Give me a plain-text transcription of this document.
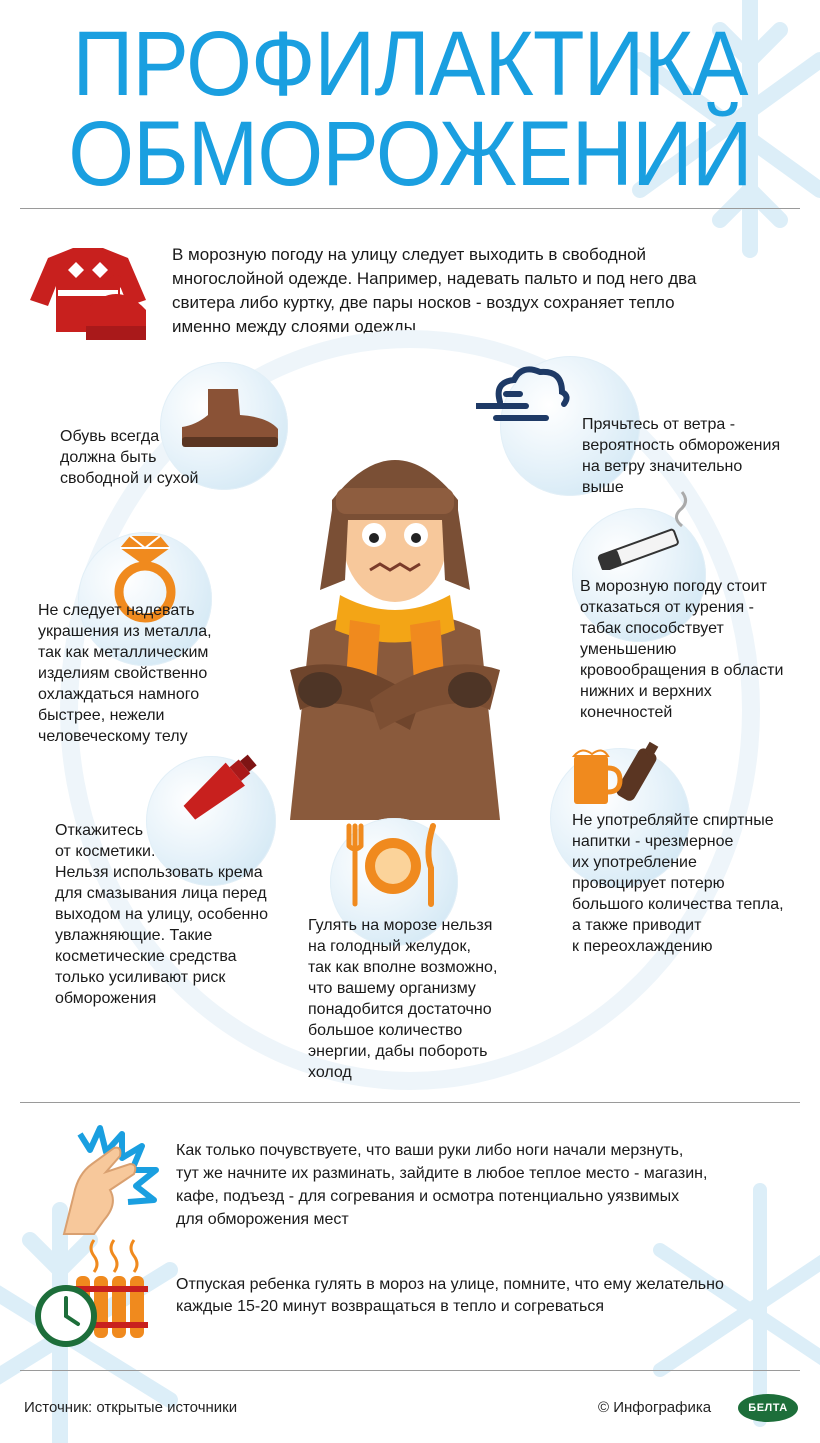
ПРОФИЛАКТИКА
ОБМОРОЖЕНИЙ
В морозную погоду на улицу следует выходить в свободной
многослойной одежде. Например, надевать пальто и под него два
свитера либо куртку, две пары носков - воздух сохраняет тепло
именно между слоями одежды
Обувь всегда
должна быть
свободной и сухой
Прячьтесь от ветра -
вероятность обморожения
на ветру значительно
выше
Не следует надевать
украшения из металла,
так как металлическим
изделиям свойственно
охлаждаться намного
быстрее, нежели
человеческому телу
В морозную погоду стоит
отказаться от курения -
табак способствует
уменьшению
кровообращения в области
нижних и верхних
конечностей
Откажитесь
от косметики.
Нельзя использовать крема
для смазывания лица перед
выходом на улицу, особенно
увлажняющие. Такие
косметические средства
только усиливают риск
обморожения
Не употребляйте спиртные
напитки - чрезмерное
их употребление
провоцирует потерю
большого количества тепла,
а также приводит
к переохлаждению
Гулять на морозе нельзя
на голодный желудок,
так как вполне возможно,
что вашему организму
понадобится достаточно
большое количество
энергии, дабы побороть
холод
Как только почувствуете, что ваши руки либо ноги начали мерзнуть,
тут же начните их разминать, зайдите в любое теплое место - магазин,
кафе, подъезд - для согревания и осмотра потенциально уязвимых
для обморожения мест
Отпуская ребенка гулять в мороз на улице, помните, что ему желательно
каждые 15-20 минут возвращаться в тепло и согреваться
Источник: открытые источники	© Инфографика	БЕЛТА
